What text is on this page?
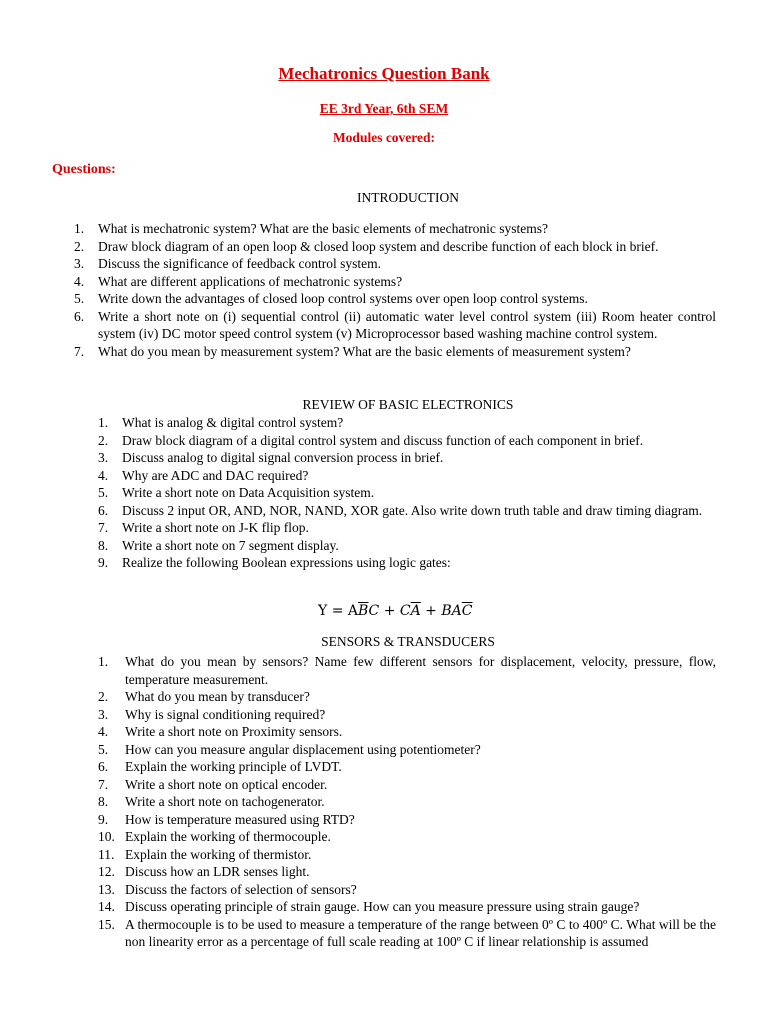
Mechatronics Question Bank
EE 3rd Year, 6th SEM
Modules covered:
Questions:
INTRODUCTION
1. What is mechatronic system? What are the basic elements of mechatronic systems?
2. Draw block diagram of an open loop & closed loop system and describe function of each block in brief.
3. Discuss the significance of feedback control system.
4. What are different applications of mechatronic systems?
5. Write down the advantages of closed loop control systems over open loop control systems.
6. Write a short note on (i) sequential control (ii) automatic water level control system (iii) Room heater control system (iv) DC motor speed control system (v) Microprocessor based washing machine control system.
7. What do you mean by measurement system? What are the basic elements of measurement system?
REVIEW OF BASIC ELECTRONICS
1. What is analog & digital control system?
2. Draw block diagram of a digital control system and discuss function of each component in brief.
3. Discuss analog to digital signal conversion process in brief.
4. Why are ADC and DAC required?
5. Write a short note on Data Acquisition system.
6. Discuss 2 input OR, AND, NOR, NAND, XOR gate. Also write down truth table and draw timing diagram.
7. Write a short note on J-K flip flop.
8. Write a short note on 7 segment display.
9. Realize the following Boolean expressions using logic gates:
$Y = A\overline{B}C + C\overline{A} + BA\overline{C}$
SENSORS & TRANSDUCERS
1. What do you mean by sensors? Name few different sensors for displacement, velocity, pressure, flow, temperature measurement.
2. What do you mean by transducer?
3. Why is signal conditioning required?
4. Write a short note on Proximity sensors.
5. How can you measure angular displacement using potentiometer?
6. Explain the working principle of LVDT.
7. Write a short note on optical encoder.
8. Write a short note on tachogenerator.
9. How is temperature measured using RTD?
10. Explain the working of thermocouple.
11. Explain the working of thermistor.
12. Discuss how an LDR senses light.
13. Discuss the factors of selection of sensors?
14. Discuss operating principle of strain gauge. How can you measure pressure using strain gauge?
15. A thermocouple is to be used to measure a temperature of the range between 0º C to 400º C. What will be the non linearity error as a percentage of full scale reading at 100º C if linear relationship is assumed
